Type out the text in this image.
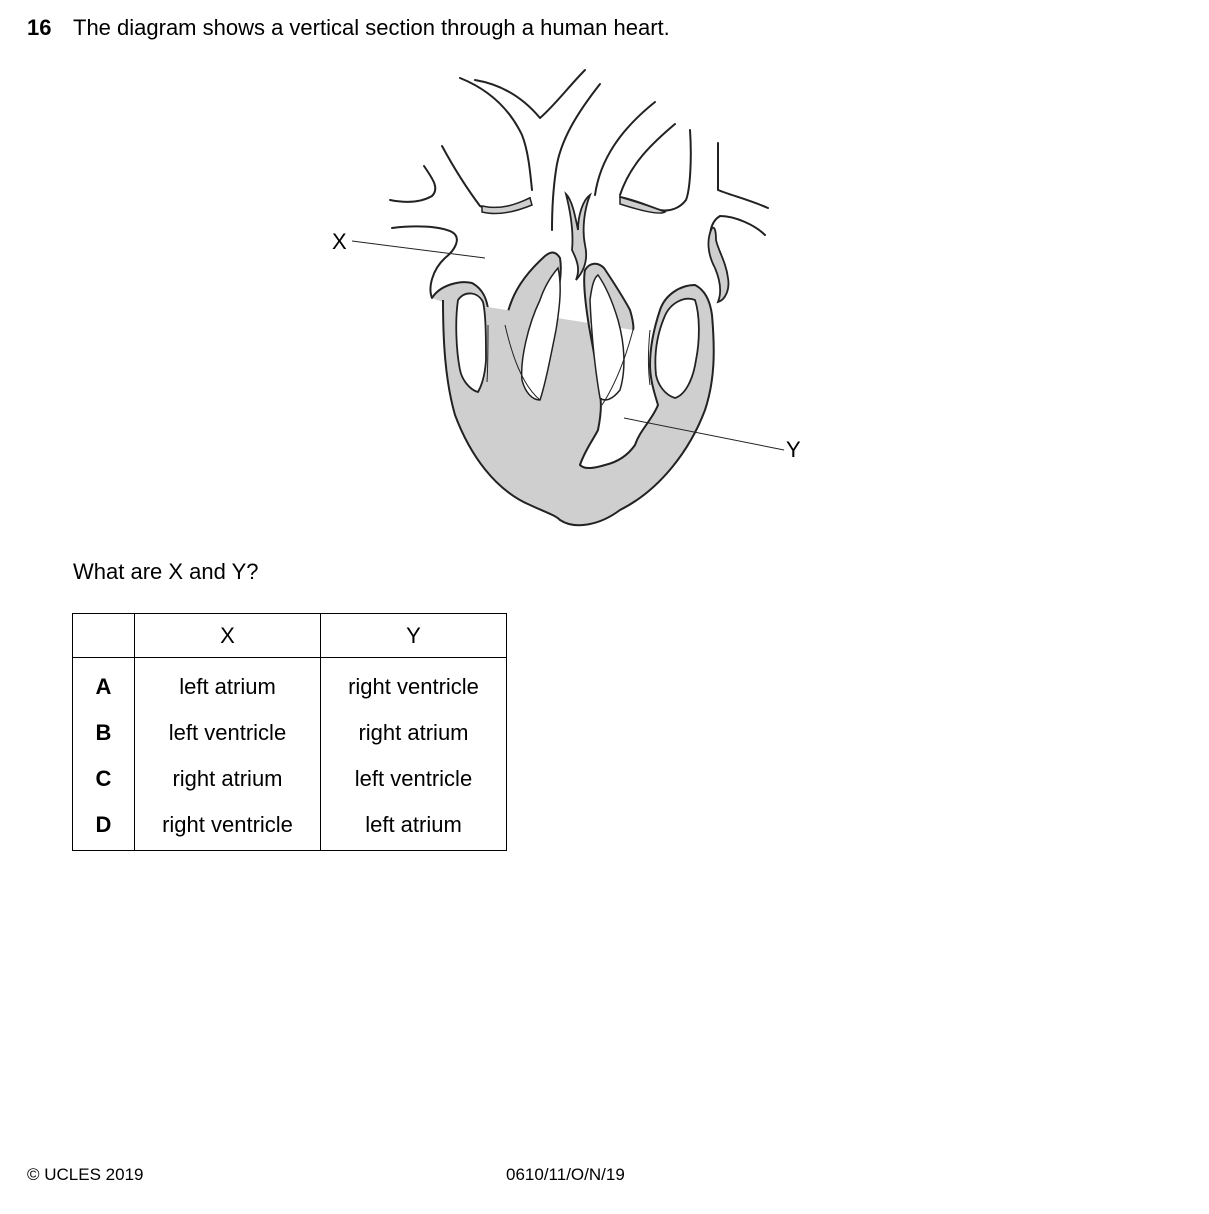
16 The diagram shows a vertical section through a human heart.
X
Y
What are X and Y?
	X	Y
A	left atrium	right ventricle
B	left ventricle	right atrium
C	right atrium	left ventricle
D	right ventricle	left atrium
© UCLES 2019	0610/11/O/N/19
